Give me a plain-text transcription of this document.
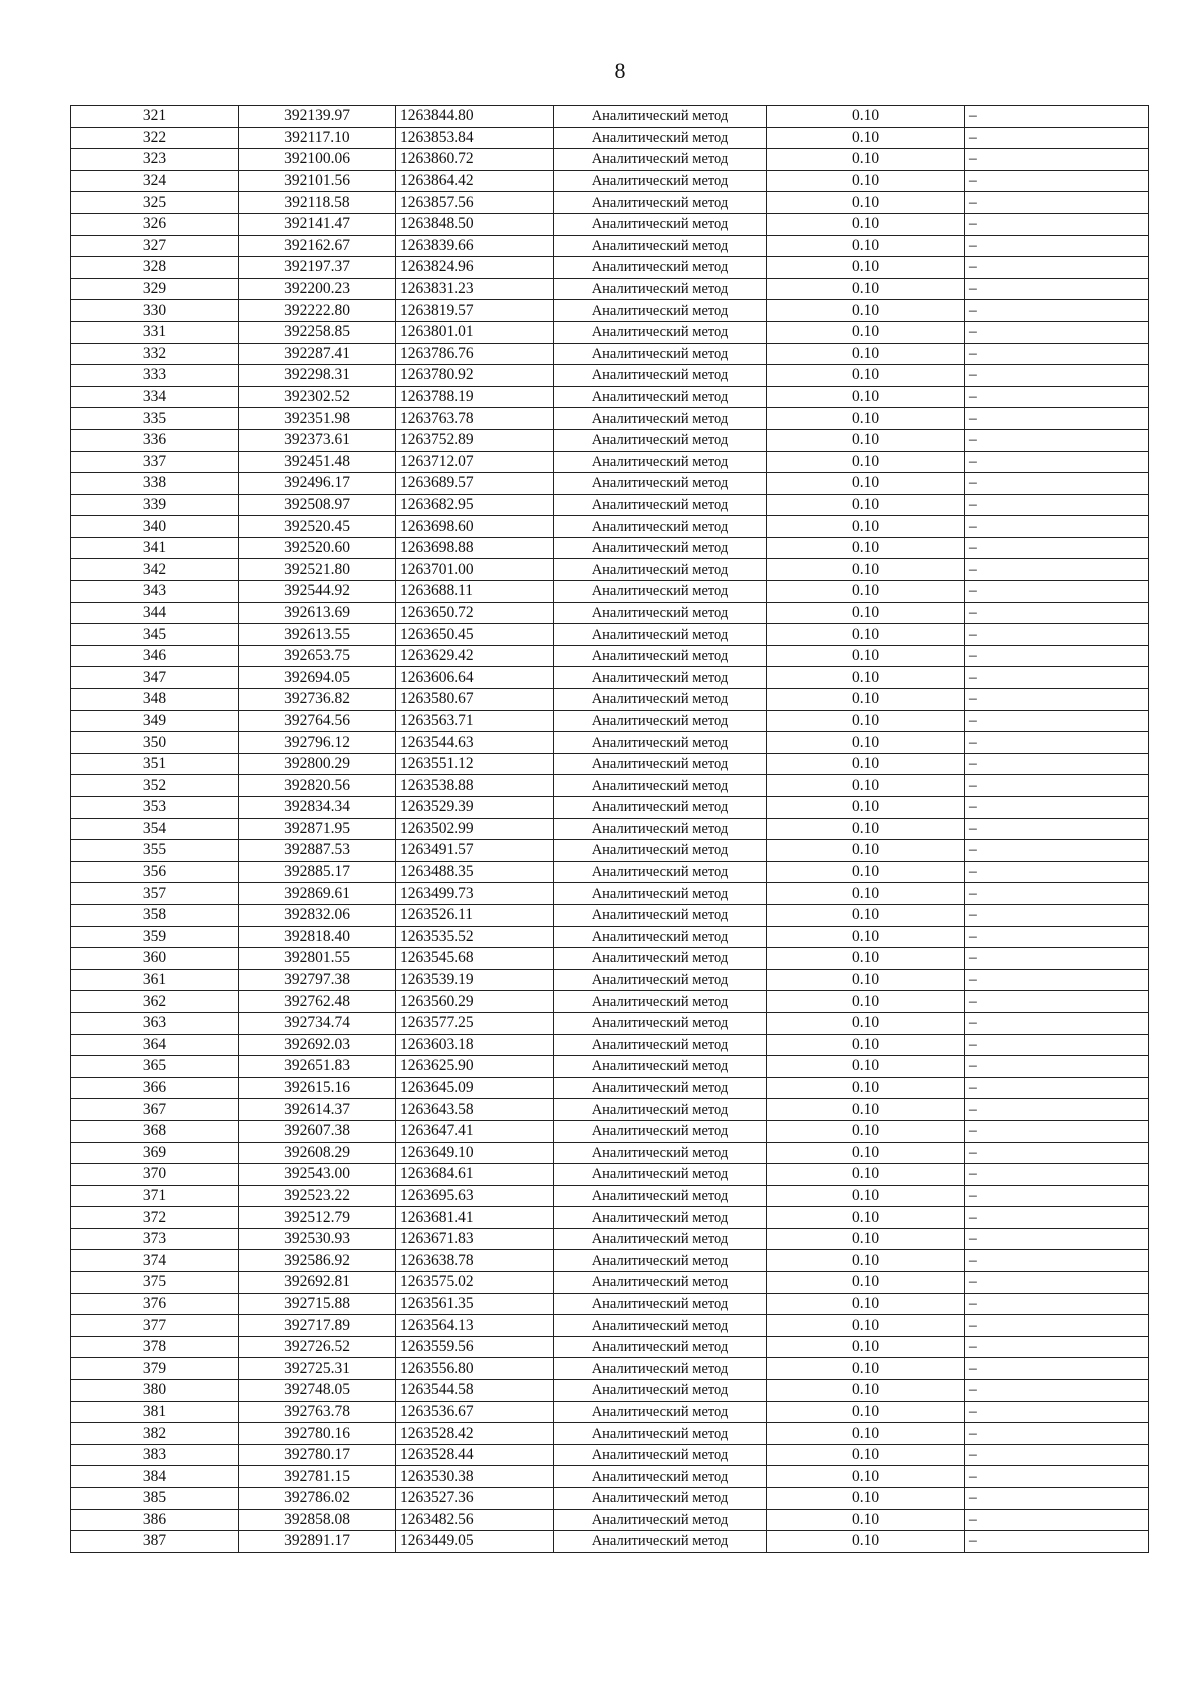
8
321	392139.97	1263844.80	Аналитический метод	0.10	–
322	392117.10	1263853.84	Аналитический метод	0.10	–
323	392100.06	1263860.72	Аналитический метод	0.10	–
324	392101.56	1263864.42	Аналитический метод	0.10	–
325	392118.58	1263857.56	Аналитический метод	0.10	–
326	392141.47	1263848.50	Аналитический метод	0.10	–
327	392162.67	1263839.66	Аналитический метод	0.10	–
328	392197.37	1263824.96	Аналитический метод	0.10	–
329	392200.23	1263831.23	Аналитический метод	0.10	–
330	392222.80	1263819.57	Аналитический метод	0.10	–
331	392258.85	1263801.01	Аналитический метод	0.10	–
332	392287.41	1263786.76	Аналитический метод	0.10	–
333	392298.31	1263780.92	Аналитический метод	0.10	–
334	392302.52	1263788.19	Аналитический метод	0.10	–
335	392351.98	1263763.78	Аналитический метод	0.10	–
336	392373.61	1263752.89	Аналитический метод	0.10	–
337	392451.48	1263712.07	Аналитический метод	0.10	–
338	392496.17	1263689.57	Аналитический метод	0.10	–
339	392508.97	1263682.95	Аналитический метод	0.10	–
340	392520.45	1263698.60	Аналитический метод	0.10	–
341	392520.60	1263698.88	Аналитический метод	0.10	–
342	392521.80	1263701.00	Аналитический метод	0.10	–
343	392544.92	1263688.11	Аналитический метод	0.10	–
344	392613.69	1263650.72	Аналитический метод	0.10	–
345	392613.55	1263650.45	Аналитический метод	0.10	–
346	392653.75	1263629.42	Аналитический метод	0.10	–
347	392694.05	1263606.64	Аналитический метод	0.10	–
348	392736.82	1263580.67	Аналитический метод	0.10	–
349	392764.56	1263563.71	Аналитический метод	0.10	–
350	392796.12	1263544.63	Аналитический метод	0.10	–
351	392800.29	1263551.12	Аналитический метод	0.10	–
352	392820.56	1263538.88	Аналитический метод	0.10	–
353	392834.34	1263529.39	Аналитический метод	0.10	–
354	392871.95	1263502.99	Аналитический метод	0.10	–
355	392887.53	1263491.57	Аналитический метод	0.10	–
356	392885.17	1263488.35	Аналитический метод	0.10	–
357	392869.61	1263499.73	Аналитический метод	0.10	–
358	392832.06	1263526.11	Аналитический метод	0.10	–
359	392818.40	1263535.52	Аналитический метод	0.10	–
360	392801.55	1263545.68	Аналитический метод	0.10	–
361	392797.38	1263539.19	Аналитический метод	0.10	–
362	392762.48	1263560.29	Аналитический метод	0.10	–
363	392734.74	1263577.25	Аналитический метод	0.10	–
364	392692.03	1263603.18	Аналитический метод	0.10	–
365	392651.83	1263625.90	Аналитический метод	0.10	–
366	392615.16	1263645.09	Аналитический метод	0.10	–
367	392614.37	1263643.58	Аналитический метод	0.10	–
368	392607.38	1263647.41	Аналитический метод	0.10	–
369	392608.29	1263649.10	Аналитический метод	0.10	–
370	392543.00	1263684.61	Аналитический метод	0.10	–
371	392523.22	1263695.63	Аналитический метод	0.10	–
372	392512.79	1263681.41	Аналитический метод	0.10	–
373	392530.93	1263671.83	Аналитический метод	0.10	–
374	392586.92	1263638.78	Аналитический метод	0.10	–
375	392692.81	1263575.02	Аналитический метод	0.10	–
376	392715.88	1263561.35	Аналитический метод	0.10	–
377	392717.89	1263564.13	Аналитический метод	0.10	–
378	392726.52	1263559.56	Аналитический метод	0.10	–
379	392725.31	1263556.80	Аналитический метод	0.10	–
380	392748.05	1263544.58	Аналитический метод	0.10	–
381	392763.78	1263536.67	Аналитический метод	0.10	–
382	392780.16	1263528.42	Аналитический метод	0.10	–
383	392780.17	1263528.44	Аналитический метод	0.10	–
384	392781.15	1263530.38	Аналитический метод	0.10	–
385	392786.02	1263527.36	Аналитический метод	0.10	–
386	392858.08	1263482.56	Аналитический метод	0.10	–
387	392891.17	1263449.05	Аналитический метод	0.10	–
